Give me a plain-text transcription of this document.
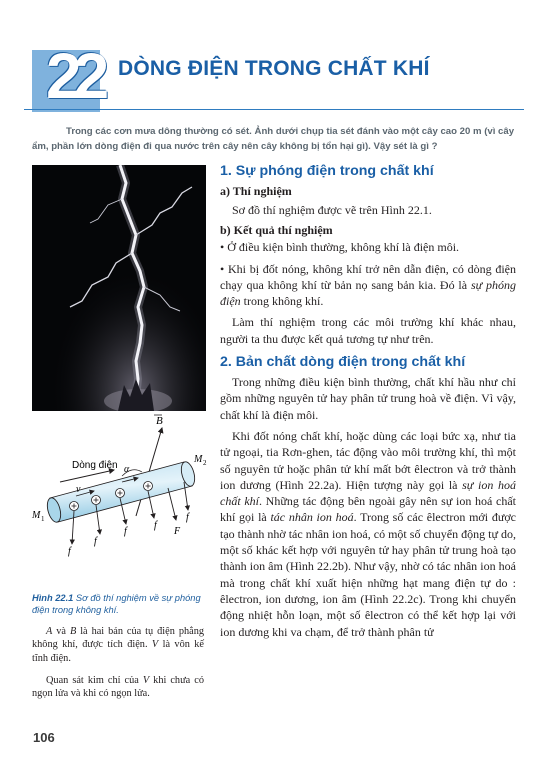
22 DÒNG ĐIỆN TRONG CHẤT KHÍ

Trong các cơn mưa dông thường có sét. Ảnh dưới chụp tia sét đánh vào một cây cao 20 m (vì cây ẩm, phần lớn dòng điện đi qua nước trên cây nên cây không bị tổn hại gì). Vậy sét là gì ?

B
Dòng điện α
M 2
M 1
v
f
f
f
f
f
F

Hình 22.1 Sơ đồ thí nghiệm về sự phóng điện trong không khí.

A và B là hai bản của tụ điện phẳng không khí, được tích điện. V là vôn kế tĩnh điện.

Quan sát kim chỉ của V khi chưa có ngọn lửa và khi có ngọn lửa.

106
1. Sự phóng điện trong chất khí
a) Thí nghiệm

Sơ đồ thí nghiệm được vẽ trên Hình 22.1.

b) Kết quả thí nghiệm

• Ở điều kiện bình thường, không khí là điện môi.

• Khi bị đốt nóng, không khí trở nên dẫn điện, có dòng điện chạy qua không khí từ bản nọ sang bản kia. Đó là sự phóng điện trong không khí.

Làm thí nghiệm trong các môi trường khí khác nhau, người ta thu được kết quả tương tự như trên.

2. Bản chất dòng điện trong chất khí

Trong những điều kiện bình thường, chất khí hầu như chỉ gồm những nguyên tử hay phân tử trung hoà về điện. Vì vậy, chất khí là điện môi.

Khi đốt nóng chất khí, hoặc dùng các loại bức xạ, như tia tử ngoại, tia Rơn-ghen, tác động vào môi trường khí, thì một số nguyên tử hoặc phân tử khí mất bớt êlectron và trở thành ion dương (Hình 22.2a). Hiện tượng này gọi là sự ion hoá chất khí. Những tác động bên ngoài gây nên sự ion hoá chất khí gọi là tác nhân ion hoá. Trong số các êlectron mới được tạo thành nhờ tác nhân ion hoá, có một số chuyển động tự do, một số khác kết hợp với nguyên tử hay phân tử trung hoà tạo thành ion âm (Hình 22.2b). Như vậy, nhờ có tác nhân ion hoá mà trong chất khí xuất hiện những hạt mang điện tự do : êlectron, ion dương, ion âm (Hình 22.2c). Trong khi chuyển động nhiệt hỗn loạn, một số êlectron có thể kết hợp lại với ion dương khi va chạm, để trở thành phân tử
